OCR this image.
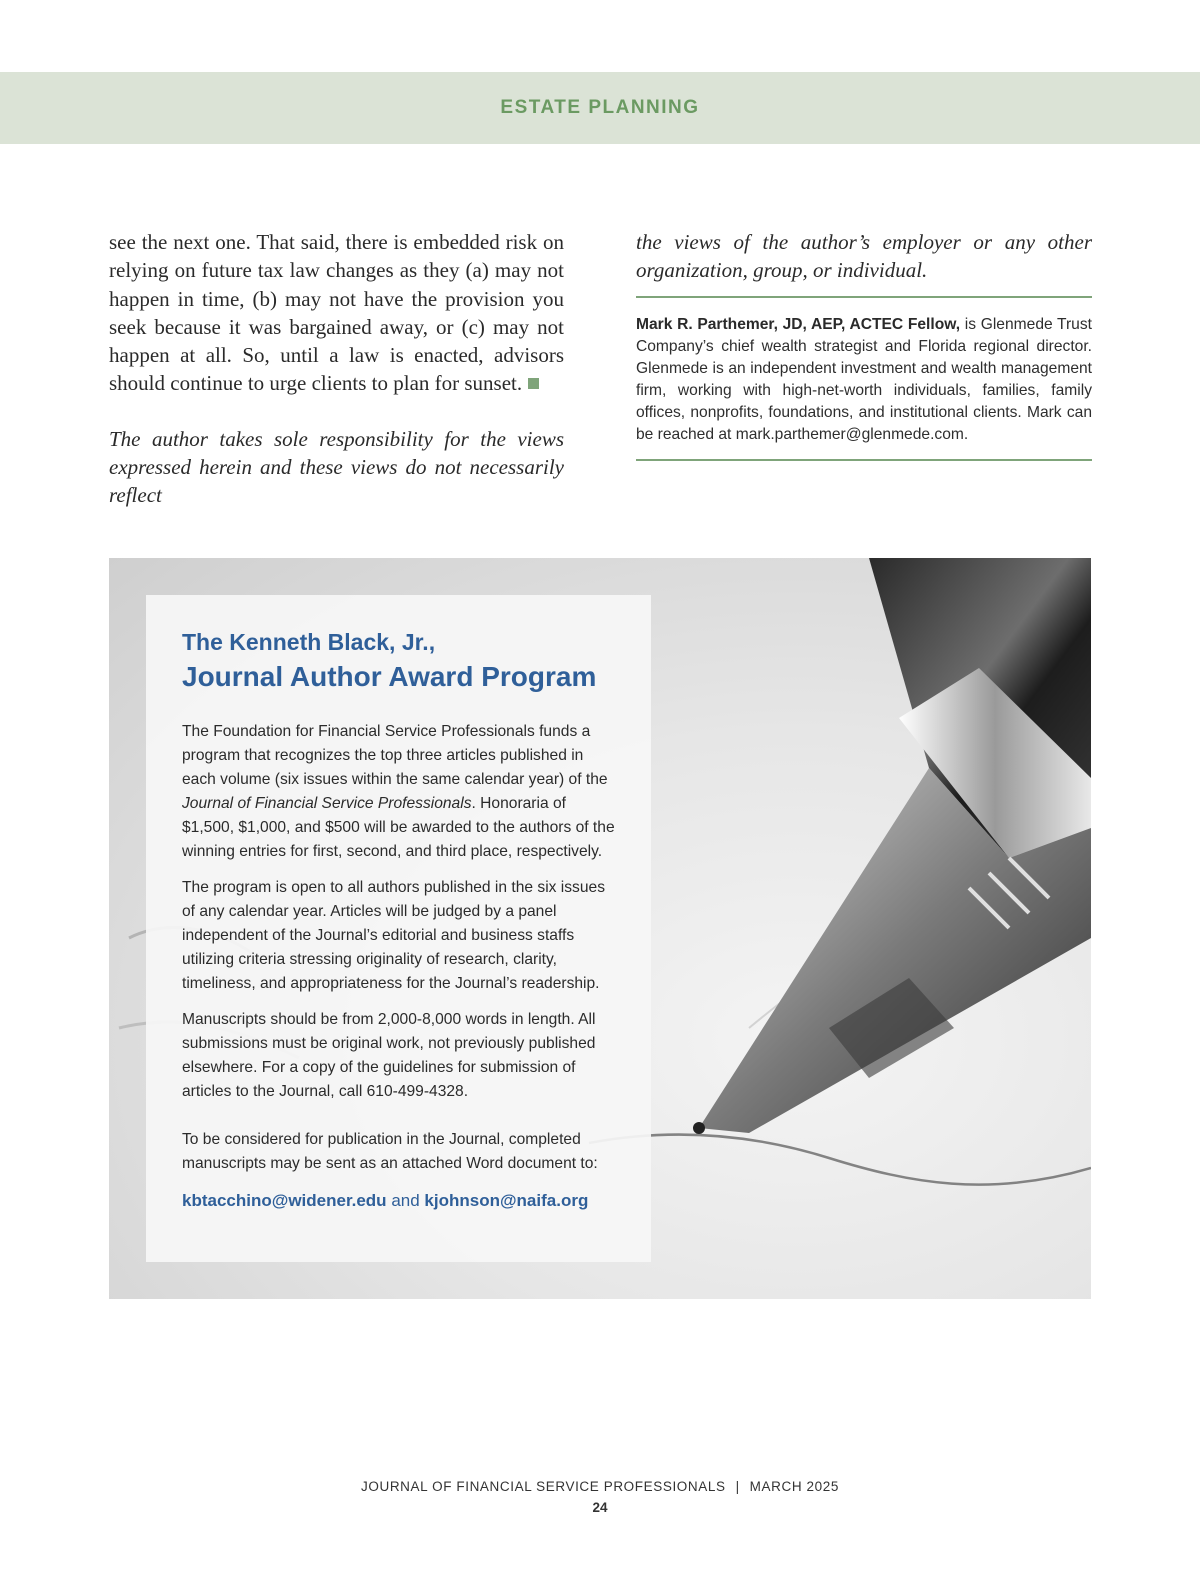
ESTATE PLANNING

see the next one. That said, there is embedded risk on relying on future tax law changes as they (a) may not happen in time, (b) may not have the provision you seek because it was bargained away, or (c) may not happen at all. So, until a law is enacted, advisors should continue to urge clients to plan for sunset.

The author takes sole responsibility for the views expressed herein and these views do not necessarily reflect

the views of the author’s employer or any other organization, group, or individual.

Mark R. Parthemer, JD, AEP, ACTEC Fellow, is Glenmede Trust Company’s chief wealth strategist and Florida regional director. Glenmede is an independent investment and wealth management firm, working with high-net-worth individuals, families, family offices, nonprofits, foundations, and institutional clients. Mark can be reached at mark.parthemer@glenmede.com.

The Kenneth Black, Jr.,

Journal Author Award Program

The Foundation for Financial Service Professionals funds a program that recognizes the top three articles published in each volume (six issues within the same calendar year) of the Journal of Financial Service Professionals. Honoraria of $1,500, $1,000, and $500 will be awarded to the authors of the winning entries for first, second, and third place, respectively.

The program is open to all authors published in the six issues of any calendar year. Articles will be judged by a panel independent of the Journal’s editorial and business staffs utilizing criteria stressing originality of research, clarity, timeliness, and appropriateness for the Journal’s readership.

Manuscripts should be from 2,000-8,000 words in length. All submissions must be original work, not previously published elsewhere. For a copy of the guidelines for submission of articles to the Journal, call 610-499-4328.

To be considered for publication in the Journal, completed manuscripts may be sent as an attached Word document to:

kbtacchino@widener.edu and kjohnson@naifa.org

JOURNAL OF FINANCIAL SERVICE PROFESSIONALS | MARCH 2025
24
